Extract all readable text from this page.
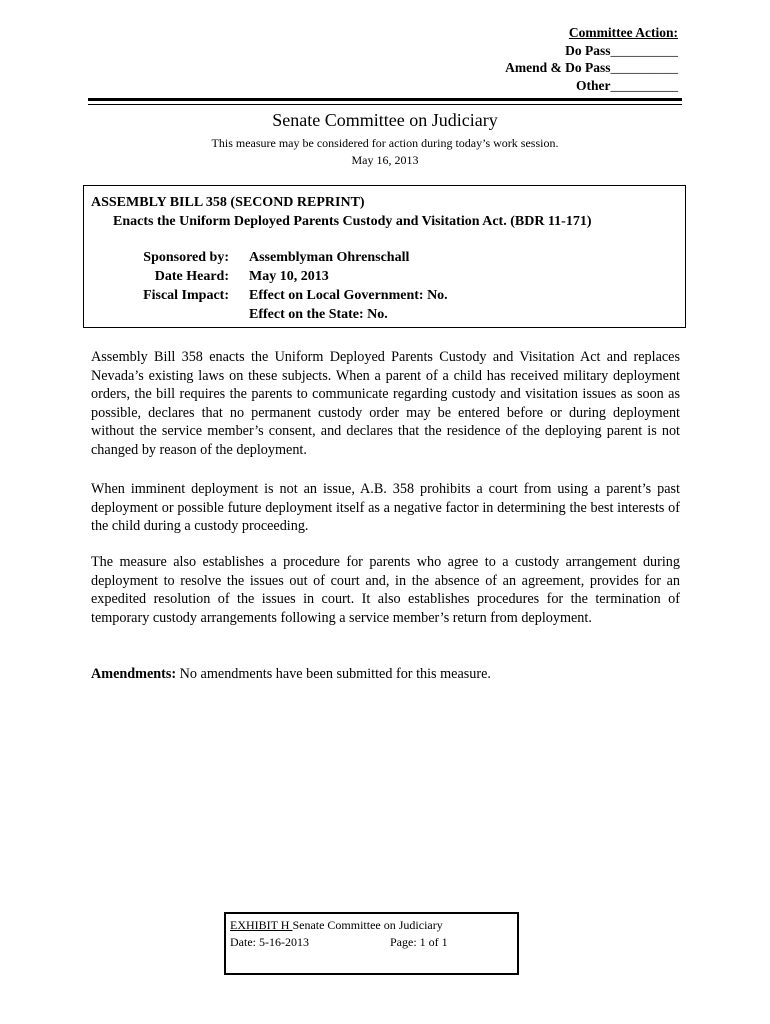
Committee Action:
Do Pass__________
Amend & Do Pass__________
Other__________
Senate Committee on Judiciary
This measure may be considered for action during today’s work session.
May 16, 2013
ASSEMBLY BILL 358 (SECOND REPRINT)
Enacts the Uniform Deployed Parents Custody and Visitation Act. (BDR 11-171)
Sponsored by: Assemblyman Ohrenschall
Date Heard: May 10, 2013
Fiscal Impact: Effect on Local Government: No.
Effect on the State: No.
Assembly Bill 358 enacts the Uniform Deployed Parents Custody and Visitation Act and replaces Nevada’s existing laws on these subjects. When a parent of a child has received military deployment orders, the bill requires the parents to communicate regarding custody and visitation issues as soon as possible, declares that no permanent custody order may be entered before or during deployment without the service member’s consent, and declares that the residence of the deploying parent is not changed by reason of the deployment.
When imminent deployment is not an issue, A.B. 358 prohibits a court from using a parent’s past deployment or possible future deployment itself as a negative factor in determining the best interests of the child during a custody proceeding.
The measure also establishes a procedure for parents who agree to a custody arrangement during deployment to resolve the issues out of court and, in the absence of an agreement, provides for an expedited resolution of the issues in court. It also establishes procedures for the termination of temporary custody arrangements following a service member’s return from deployment.
Amendments: No amendments have been submitted for this measure.
EXHIBIT H Senate Committee on Judiciary
Date: 5-16-2013	Page: 1 of 1
